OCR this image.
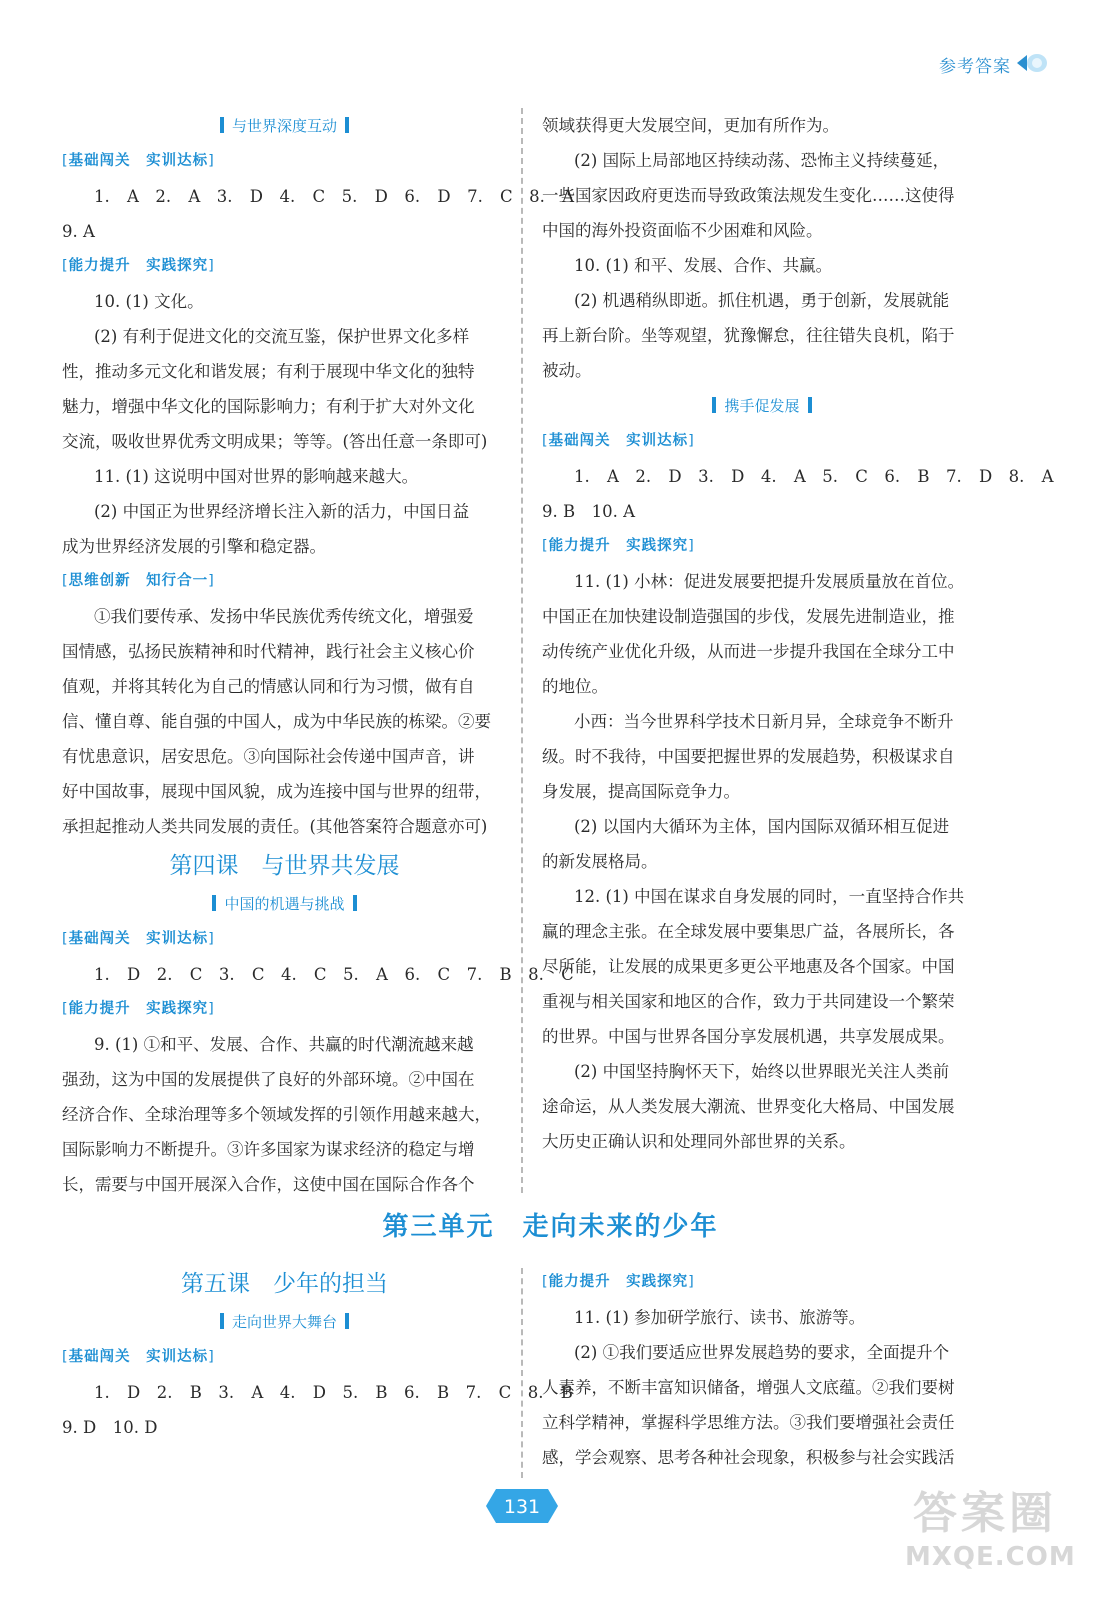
参考答案
与世界深度互动
[基础闯关　 实训达标]
1. A　2. A　3. D　4. C　5. D　6. D　7. C　8. A
9. A
[能力提升　 实践探究]
10. (1) 文化。
(2) 有利于促进文化的交流互鉴，保护世界文化多样
性，推动多元文化和谐发展；有利于展现中华文化的独特
魅力，增强中华文化的国际影响力；有利于扩大对外文化
交流，吸收世界优秀文明成果；等等。(答出任意一条即可)
11. (1) 这说明中国对世界的影响越来越大。
(2) 中国正为世界经济增长注入新的活力，中国日益
成为世界经济发展的引擎和稳定器。
[思维创新　 知行合一]
①我们要传承、发扬中华民族优秀传统文化，增强爱
国情感，弘扬民族精神和时代精神，践行社会主义核心价
值观，并将其转化为自己的情感认同和行为习惯，做有自
信、懂自尊、能自强的中国人，成为中华民族的栋梁。②要
有忧患意识，居安思危。③向国际社会传递中国声音，讲
好中国故事，展现中国风貌，成为连接中国与世界的纽带，
承担起推动人类共同发展的责任。(其他答案符合题意亦可)
第四课　与世界共发展
中国的机遇与挑战
[基础闯关　 实训达标]
1. D　2. C　3. C　4. C　5. A　6. C　7. B　8. C
[能力提升　 实践探究]
9. (1) ①和平、发展、合作、共赢的时代潮流越来越
强劲，这为中国的发展提供了良好的外部环境。②中国在
经济合作、全球治理等多个领域发挥的引领作用越来越大，
国际影响力不断提升。③许多国家为谋求经济的稳定与增
长，需要与中国开展深入合作，这使中国在国际合作各个
领域获得更大发展空间，更加有所作为。
(2) 国际上局部地区持续动荡、恐怖主义持续蔓延，
一些国家因政府更迭而导致政策法规发生变化……这使得
中国的海外投资面临不少困难和风险。
10. (1) 和平、发展、合作、共赢。
(2) 机遇稍纵即逝。抓住机遇，勇于创新，发展就能
再上新台阶。坐等观望，犹豫懈怠，往往错失良机，陷于
被动。
携手促发展
[基础闯关　 实训达标]
1. A　2. D　3. D　4. A　5. C　6. B　7. D　8. A
9. B　10. A
[能力提升　 实践探究]
11. (1) 小林：促进发展要把提升发展质量放在首位。
中国正在加快建设制造强国的步伐，发展先进制造业，推
动传统产业优化升级，从而进一步提升我国在全球分工中
的地位。
小西：当今世界科学技术日新月异，全球竞争不断升
级。时不我待，中国要把握世界的发展趋势，积极谋求自
身发展，提高国际竞争力。
(2) 以国内大循环为主体，国内国际双循环相互促进
的新发展格局。
12. (1) 中国在谋求自身发展的同时，一直坚持合作共
赢的理念主张。在全球发展中要集思广益，各展所长，各
尽所能，让发展的成果更多更公平地惠及各个国家。中国
重视与相关国家和地区的合作，致力于共同建设一个繁荣
的世界。中国与世界各国分享发展机遇，共享发展成果。
(2) 中国坚持胸怀天下，始终以世界眼光关注人类前
途命运，从人类发展大潮流、世界变化大格局、中国发展
大历史正确认识和处理同外部世界的关系。
第三单元　走向未来的少年
第五课　少年的担当
走向世界大舞台
[基础闯关　 实训达标]
1. D　2. B　3. A　4. D　5. B　6. B　7. C　8. B
9. D　10. D
[能力提升　 实践探究]
11. (1) 参加研学旅行、读书、旅游等。
(2) ①我们要适应世界发展趋势的要求，全面提升个
人素养，不断丰富知识储备，增强人文底蕴。②我们要树
立科学精神，掌握科学思维方法。③我们要增强社会责任
感，学会观察、思考各种社会现象，积极参与社会实践活
131	答案圈
MXQE.COM
